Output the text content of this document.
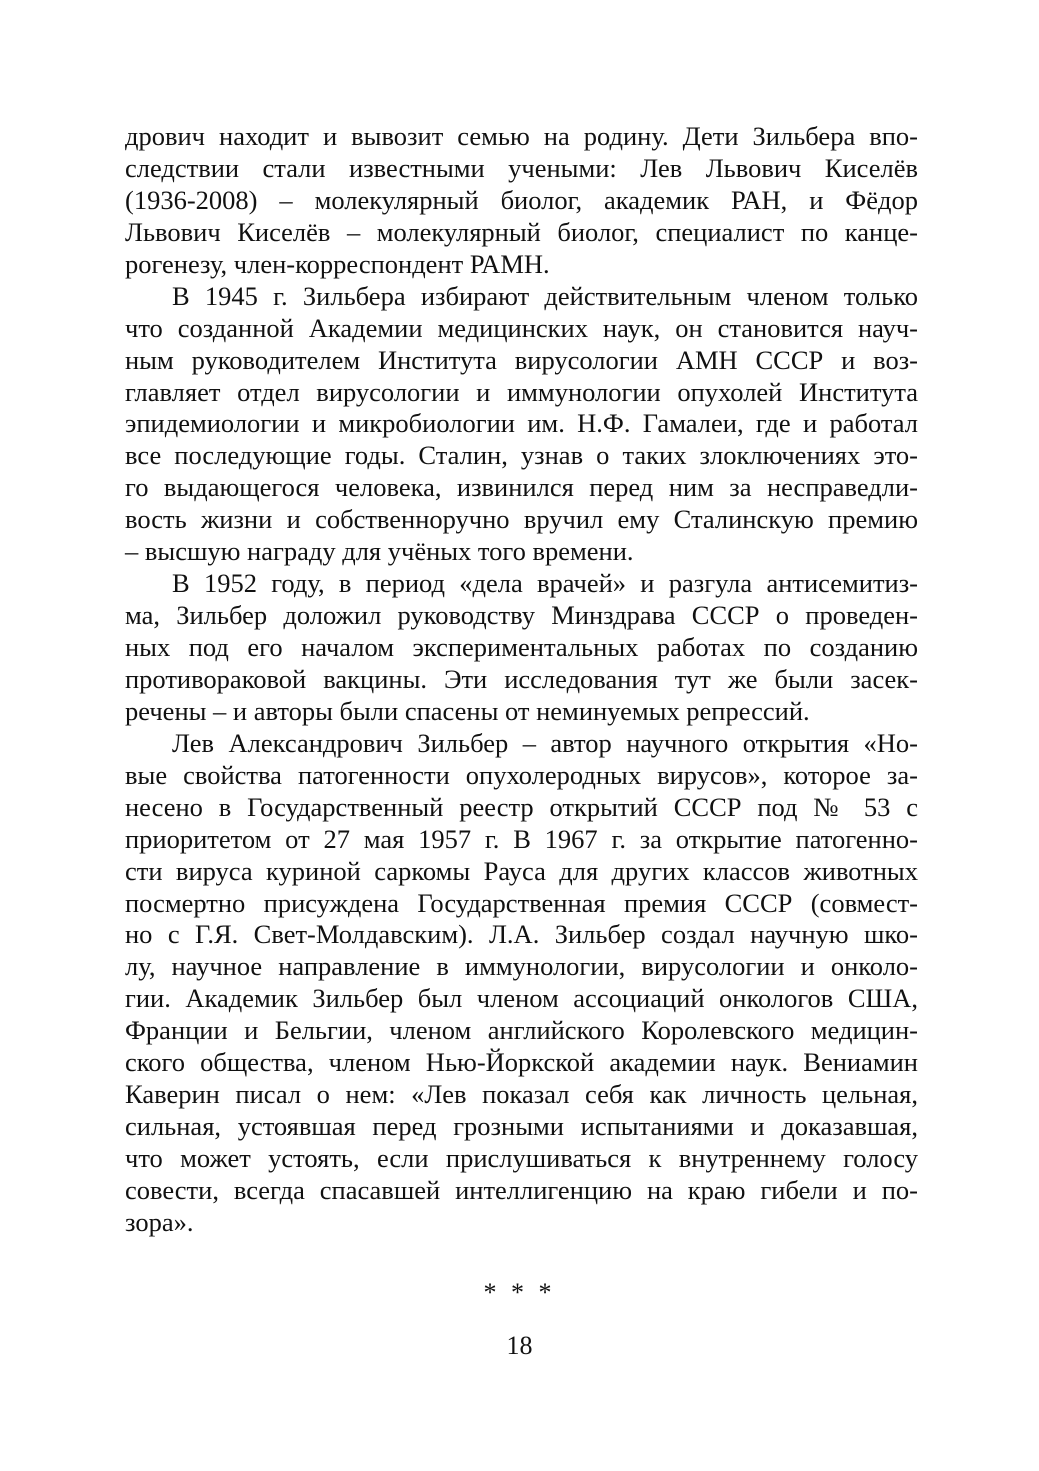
дрович находит и вывозит семью на родину. Дети Зильбера впо-
следствии стали известными учеными: Лев Львович Киселёв
(1936-2008) – молекулярный биолог, академик РАН, и Фёдор
Львович Киселёв – молекулярный биолог, специалист по канце-
рогенезу, член-корреспондент РАМН.
В 1945 г. Зильбера избирают действительным членом только
что созданной Академии медицинских наук, он становится науч-
ным руководителем Института вирусологии АМН СССР и воз-
главляет отдел вирусологии и иммунологии опухолей Института
эпидемиологии и микробиологии им. Н.Ф. Гамалеи, где и работал
все последующие годы. Сталин, узнав о таких злоключениях это-
го выдающегося человека, извинился перед ним за несправедли-
вость жизни и собственноручно вручил ему Сталинскую премию
– высшую награду для учёных того времени.
В 1952 году, в период «дела врачей» и разгула антисемитиз-
ма, Зильбер доложил руководству Минздрава СССР о проведен-
ных под его началом экспериментальных работах по созданию
противораковой вакцины. Эти исследования тут же были засек-
речены – и авторы были спасены от неминуемых репрессий.
Лев Александрович Зильбер – автор научного открытия «Но-
вые свойства патогенности опухолеродных вирусов», которое за-
несено в Государственный реестр открытий СССР под № 53 с
приоритетом от 27 мая 1957 г. В 1967 г. за открытие патогенно-
сти вируса куриной саркомы Рауса для других классов животных
посмертно присуждена Государственная премия СССР (совмест-
но с Г.Я. Свет-Молдавским). Л.А. Зильбер создал научную шко-
лу, научное направление в иммунологии, вирусологии и онколо-
гии. Академик Зильбер был членом ассоциаций онкологов США,
Франции и Бельгии, членом английского Королевского медицин-
ского общества, членом Нью-Йоркской академии наук. Вениамин
Каверин писал о нем: «Лев показал себя как личность цельная,
сильная, устоявшая перед грозными испытаниями и доказавшая,
что может устоять, если прислушиваться к внутреннему голосу
совести, всегда спасавшей интеллигенцию на краю гибели и по-
зора».
* * *
18
